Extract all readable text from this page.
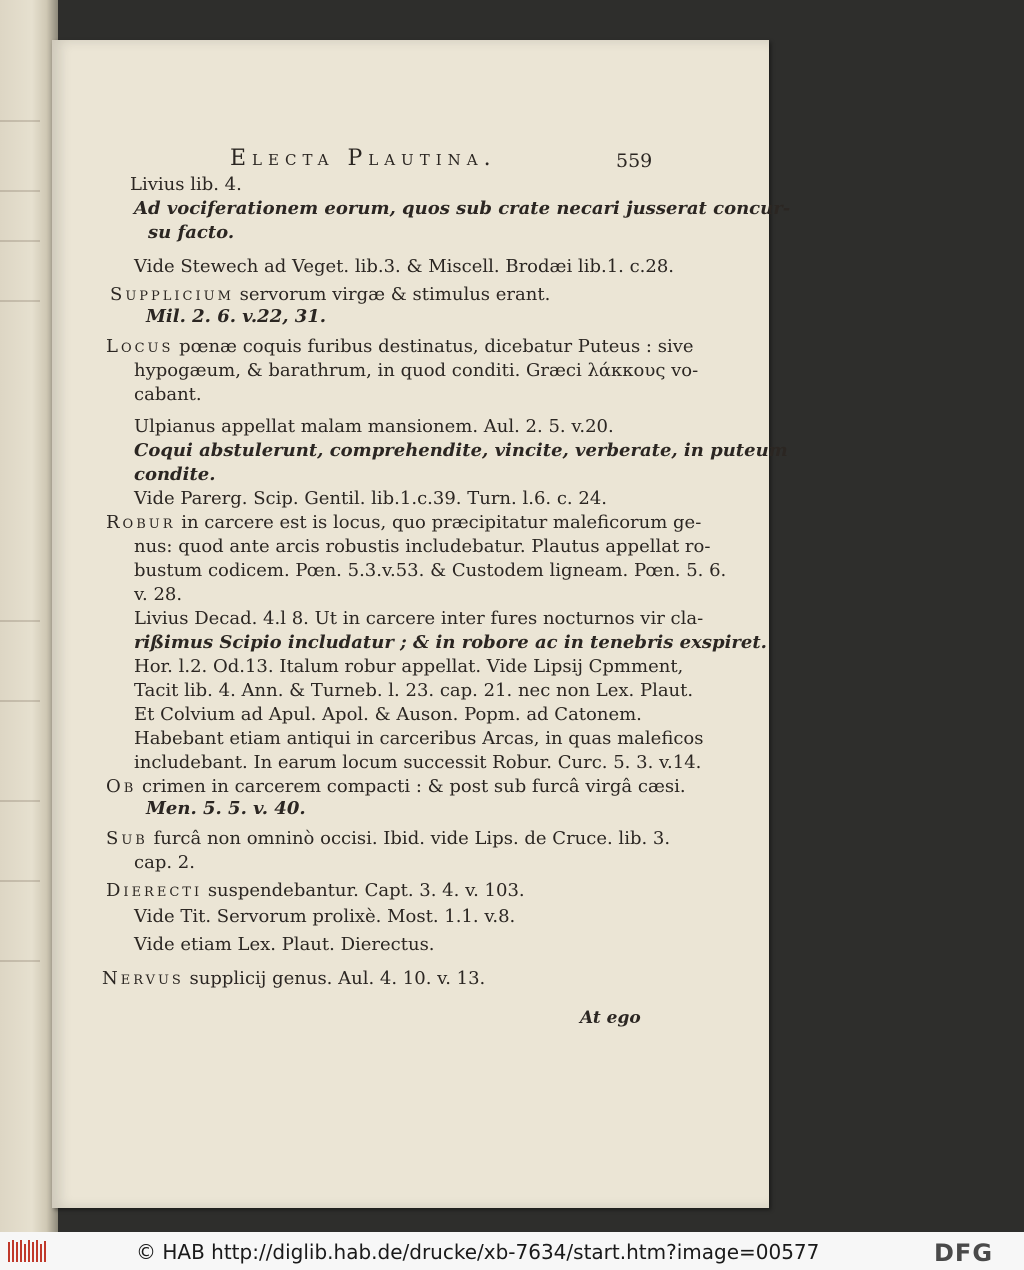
Electa Plautina.	559
Livius lib. 4.
Ad vociferationem eorum, quos sub crate necari jusserat concur-
su facto.
Vide Stewech ad Veget. lib.3. & Miscell. Brodæi lib.1. c.28.
Supplicium servorum virgæ & stimulus erant.
Mil. 2. 6. v.22, 31.
Locus pœnæ coquis furibus destinatus, dicebatur Puteus : sive
hypogæum, & barathrum, in quod conditi. Græci λάκκους vo-
cabant.
Ulpianus appellat malam mansionem. Aul. 2. 5. v.20.
Coqui abstulerunt, comprehendite, vincite, verberate, in puteum
condite.
Vide Parerg. Scip. Gentil. lib.1.c.39. Turn. l.6. c. 24.
Robur in carcere est is locus, quo præcipitatur maleficorum ge-
nus: quod ante arcis robustis includebatur. Plautus appellat ro-
bustum codicem. Pœn. 5.3.v.53. & Custodem ligneam. Pœn. 5. 6.
v. 28.
Livius Decad. 4.l 8. Ut in carcere inter fures nocturnos vir cla-
rißimus Scipio includatur ; & in robore ac in tenebris exspiret.
Hor. l.2. Od.13. Italum robur appellat. Vide Lipsij Cpmment,
Tacit lib. 4. Ann. & Turneb. l. 23. cap. 21. nec non Lex. Plaut.
Et Colvium ad Apul. Apol. & Auson. Popm. ad Catonem.
Habebant etiam antiqui in carceribus Arcas, in quas maleficos
includebant. In earum locum successit Robur. Curc. 5. 3. v.14.
Ob crimen in carcerem compacti : & post sub furcâ virgâ cæsi.
Men. 5. 5. v. 40.
Sub furcâ non omninò occisi. Ibid. vide Lips. de Cruce. lib. 3.
cap. 2.
Dierecti suspendebantur. Capt. 3. 4. v. 103.
Vide Tit. Servorum prolixè. Most. 1.1. v.8.
Vide etiam Lex. Plaut. Dierectus.
Nervus supplicij genus. Aul. 4. 10. v. 13.
At ego
© HAB http://diglib.hab.de/drucke/xb-7634/start.htm?image=00577	DFG
